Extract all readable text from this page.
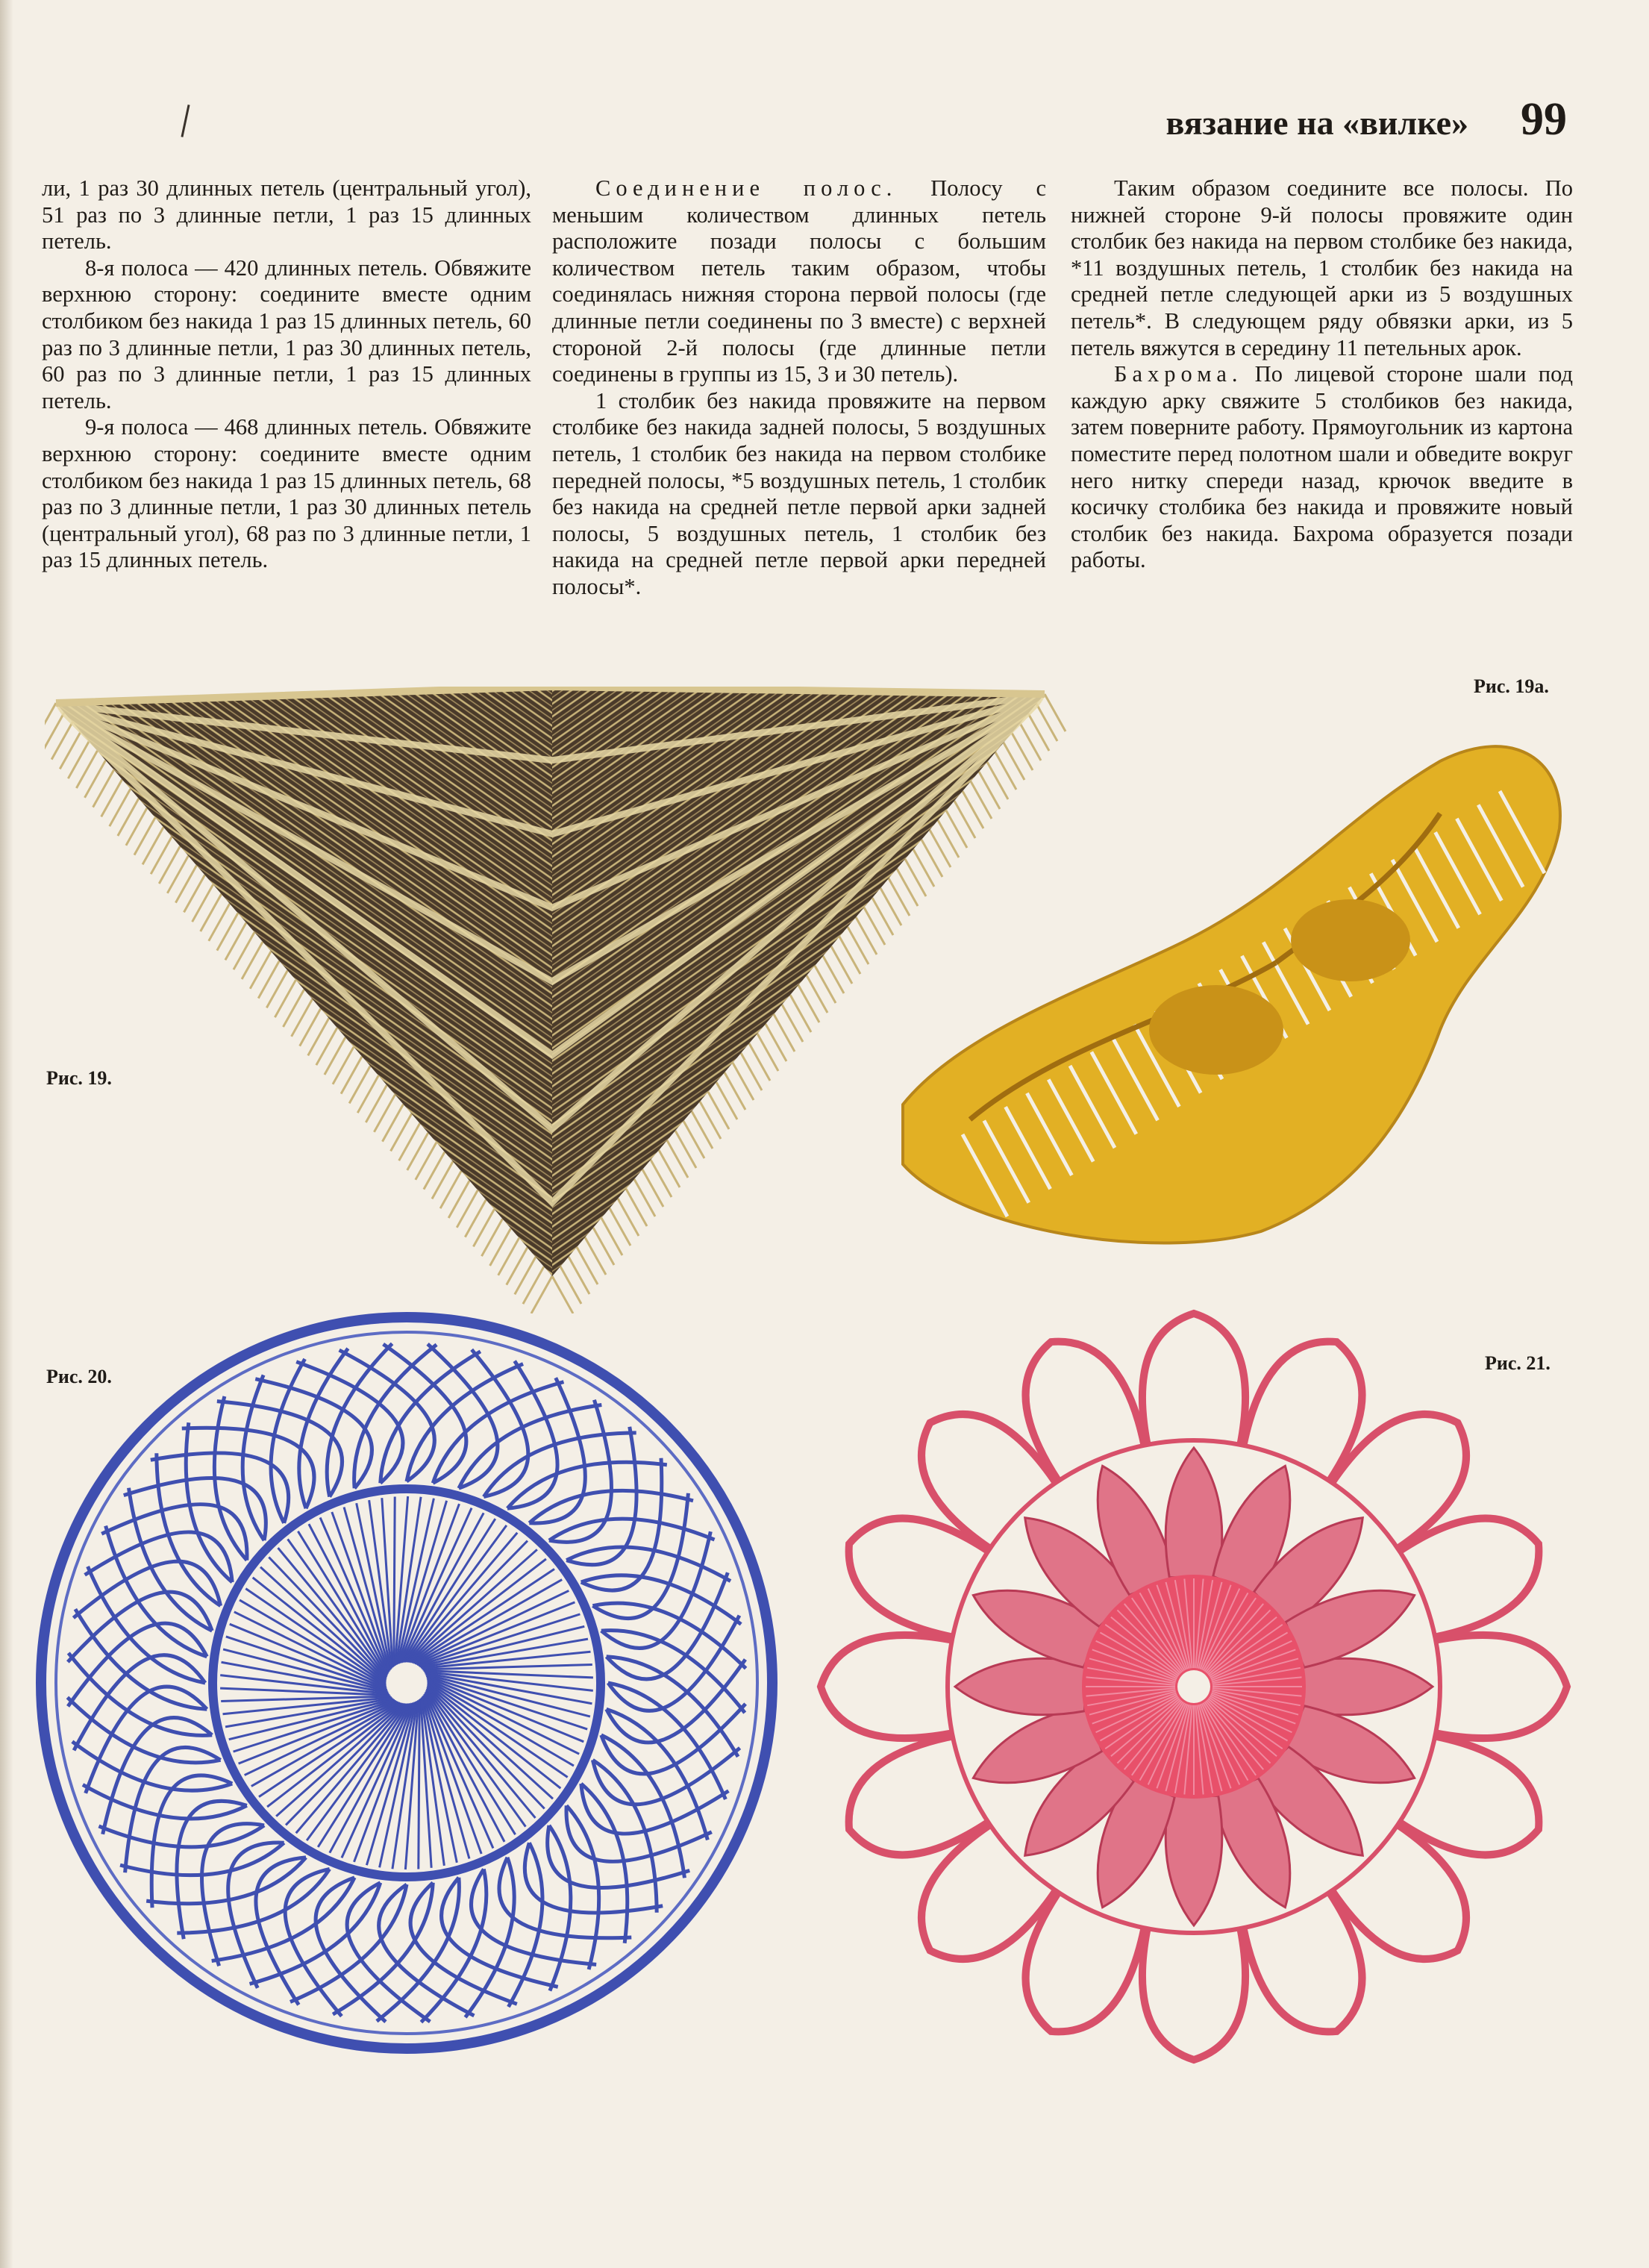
вязание на «вилке» 99

ли, 1 раз 30 длинных петель (центральный угол), 51 раз по 3 длинные петли, 1 раз 15 длинных петель.

8-я полоса — 420 длинных петель. Обвяжите верхнюю сторону: соедините вместе одним столбиком без накида 1 раз 15 длинных петель, 60 раз по 3 длинные петли, 1 раз 30 длинных петель, 60 раз по 3 длинные петли, 1 раз 15 длинных петель.

9-я полоса — 468 длинных петель. Обвяжите верхнюю сторону: соедините вместе одним столбиком без накида 1 раз 15 длинных петель, 68 раз по 3 длинные петли, 1 раз 30 длинных петель (центральный угол), 68 раз по 3 длинные петли, 1 раз 15 длинных петель.

Соединение полос. Полосу с меньшим количеством длинных петель расположите позади полосы с большим количеством петель таким образом, чтобы соединялась нижняя сторона первой полосы (где длинные петли соединены по 3 вместе) с верхней стороной 2-й полосы (где длинные петли соединены в группы из 15, 3 и 30 петель).

1 столбик без накида провяжите на первом столбике без накида задней полосы, 5 воздушных петель, 1 столбик без накида на первом столбике передней полосы, *5 воздушных петель, 1 столбик без накида на средней петле первой арки задней полосы, 5 воздушных петель, 1 столбик без накида на средней петле первой арки передней полосы*.

Таким образом соедините все полосы. По нижней стороне 9-й полосы провяжите один столбик без накида на первом столбике без накида, *11 воздушных петель, 1 столбик без накида на средней петле следующей арки из 5 воздушных петель*. В следующем ряду обвязки арки, из 5 петель вяжутся в середину 11 петельных арок.

Бахрома. По лицевой стороне шали под каждую арку свяжите 5 столбиков без накида, затем поверните работу. Прямоугольник из картона поместите перед полотном шали и обведите вокруг него нитку спереди назад, крючок введите в косичку столбика без накида и провяжите новый столбик без накида. Бахрома образуется позади работы.

Рис. 19.
Рис. 19а.
Рис. 20.
Рис. 21.
